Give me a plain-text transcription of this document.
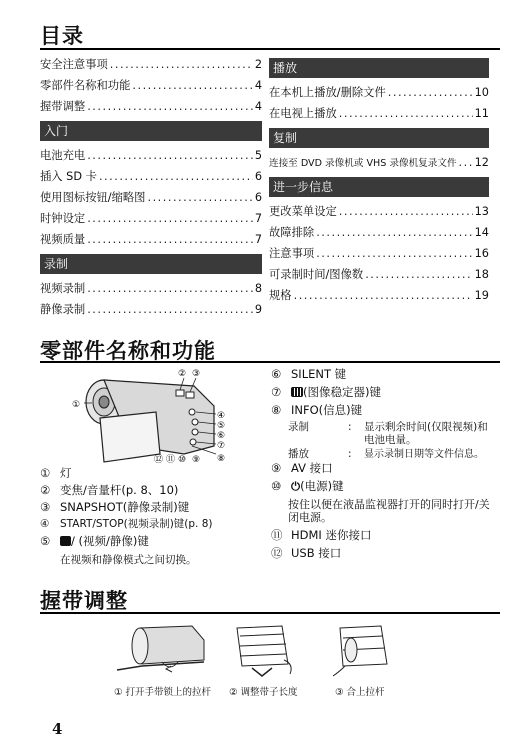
目录
安全注意事项 .....	2
零部件名称和功能 .....	4
握带调整 .....	4
入门
电池充电 .....	5
插入 SD 卡 .....	6
使用图标按钮/缩略图 .....	6
时钟设定 .....	7
视频质量 .....	7
录制
视频录制 .....	8
静像录制 .....	9
播放
在本机上播放/删除文件 .....	10
在电视上播放 .....	11
复制
连接至 DVD 录像机或 VHS 录像机复录文件 ..... 12
进一步信息
更改菜单设定 .....	13
故障排除 .....	14
注意事项 .....	16
可录制时间/图像数 .....	18
规格 .....	19
零部件名称和功能
①
② ③
④
⑤
⑥
⑦
⑧
⑫ ⑪ ⑩ ⑨
① 灯
② 变焦/音量杆(p. 8、10)
③ SNAPSHOT(静像录制)键
④ START/STOP(视频录制)键(p. 8)
⑤ / (视频/静像)键
在视频和静像模式之间切换。
⑥ SILENT 键
⑦ (图像稳定器)键
⑧ INFO(信息)键
录制	:	显示剩余时间(仅限视频)和电池电量。
播放	:	显示录制日期等文件信息。
⑨ AV 接口
⑩ ⏻(电源)键
按住以便在液晶监视器打开的同时打开/关闭电源。
⑪ HDMI 迷你接口
⑫ USB 接口
握带调整
① 打开手带锁上的拉杆 ② 调整带子长度	③ 合上拉杆
4
